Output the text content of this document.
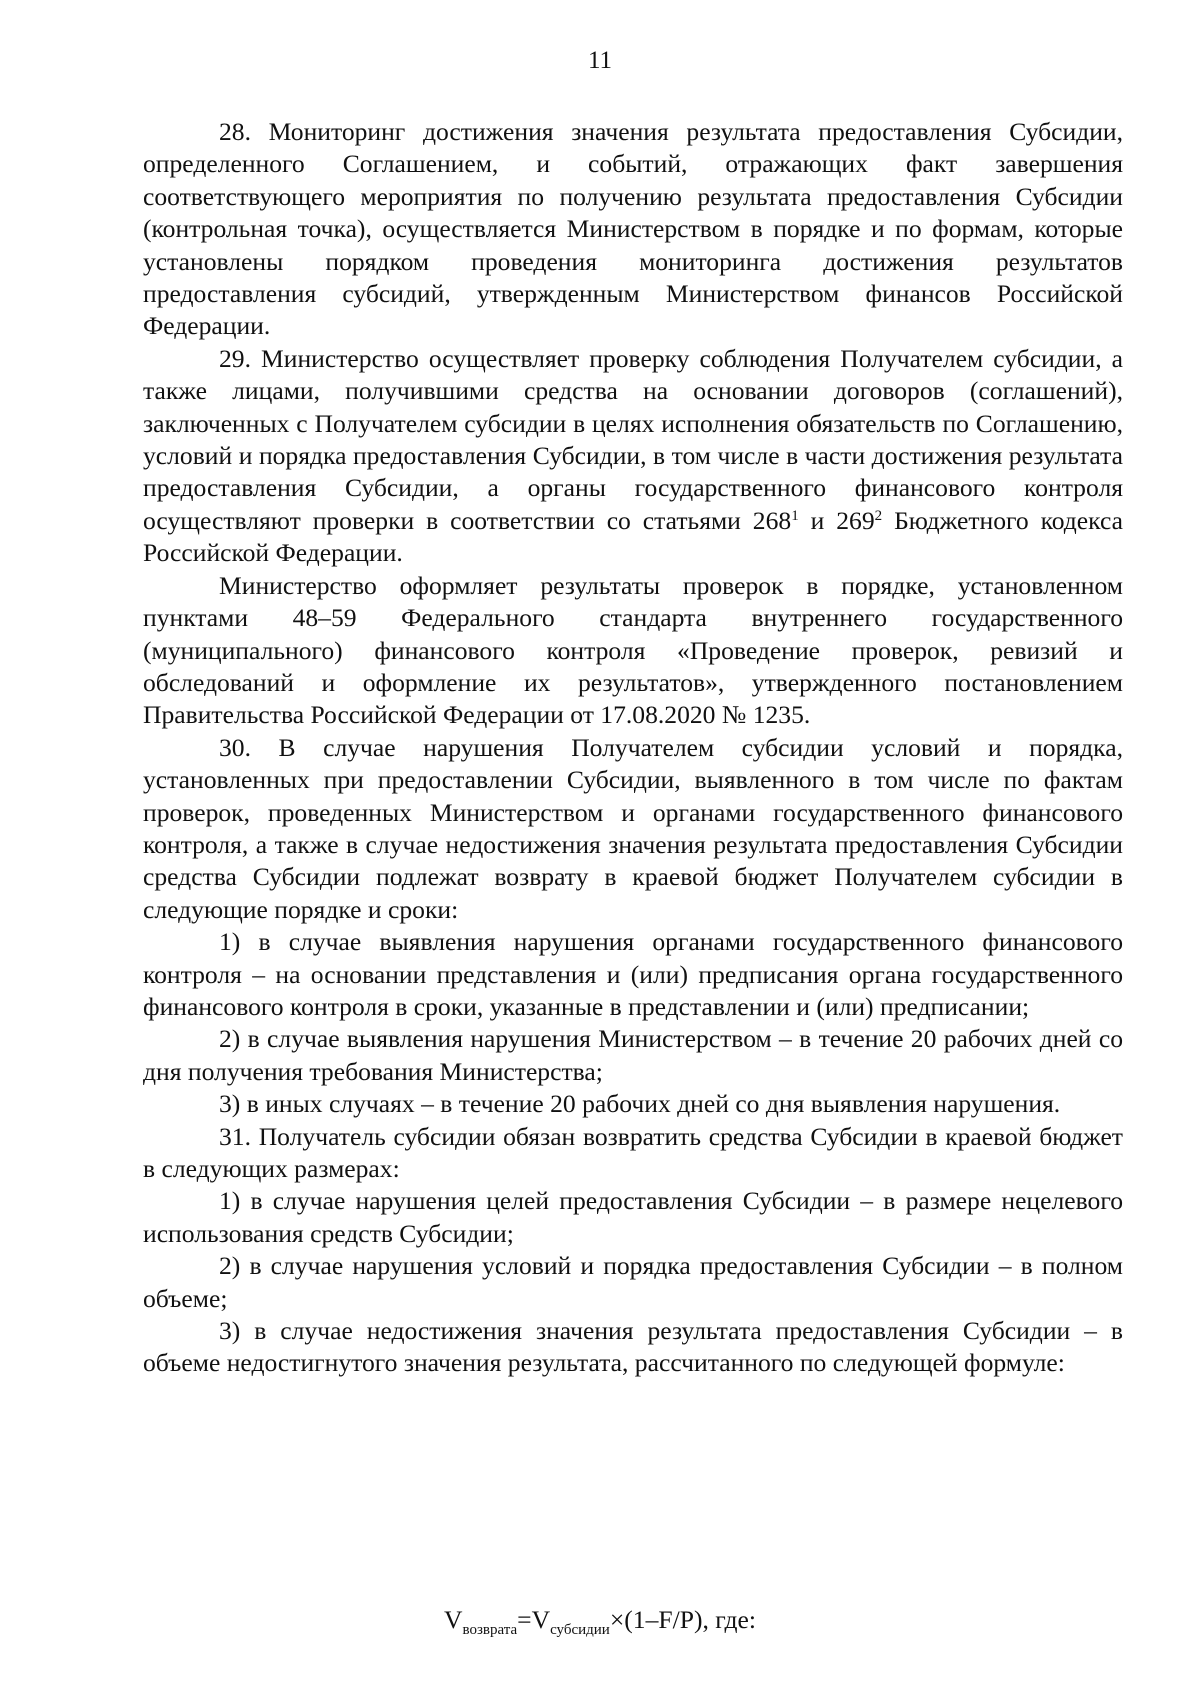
11

28. Мониторинг достижения значения результата предоставления Субсидии, определенного Соглашением, и событий, отражающих факт завершения соответствующего мероприятия по получению результата предоставления Субсидии (контрольная точка), осуществляется Министерством в порядке и по формам, которые установлены порядком проведения мониторинга достижения результатов предоставления субсидий, утвержденным Министерством финансов Российской Федерации.

29. Министерство осуществляет проверку соблюдения Получателем субсидии, а также лицами, получившими средства на основании договоров (соглашений), заключенных с Получателем субсидии в целях исполнения обязательств по Соглашению, условий и порядка предоставления Субсидии, в том числе в части достижения результата предоставления Субсидии, а органы государственного финансового контроля осуществляют проверки в соответствии со статьями $268^1$ и $269^2$ Бюджетного кодекса Российской Федерации.

Министерство оформляет результаты проверок в порядке, установленном пунктами 48–59 Федерального стандарта внутреннего государственного (муниципального) финансового контроля «Проведение проверок, ревизий и обследований и оформление их результатов», утвержденного постановлением Правительства Российской Федерации от 17.08.2020 № 1235.

30. В случае нарушения Получателем субсидии условий и порядка, установленных при предоставлении Субсидии, выявленного в том числе по фактам проверок, проведенных Министерством и органами государственного финансового контроля, а также в случае недостижения значения результата предоставления Субсидии средства Субсидии подлежат возврату в краевой бюджет Получателем субсидии в следующие порядке и сроки:

1) в случае выявления нарушения органами государственного финансового контроля – на основании представления и (или) предписания органа государственного финансового контроля в сроки, указанные в представлении и (или) предписании;

2) в случае выявления нарушения Министерством – в течение 20 рабочих дней со дня получения требования Министерства;

3) в иных случаях – в течение 20 рабочих дней со дня выявления нарушения.

31. Получатель субсидии обязан возвратить средства Субсидии в краевой бюджет в следующих размерах:

1) в случае нарушения целей предоставления Субсидии – в размере нецелевого использования средств Субсидии;

2) в случае нарушения условий и порядка предоставления Субсидии – в полном объеме;

3) в случае недостижения значения результата предоставления Субсидии – в объеме недостигнутого значения результата, рассчитанного по следующей формуле:

$V_{возврата}=V_{субсидии}\times(1-F/P)$, где:
